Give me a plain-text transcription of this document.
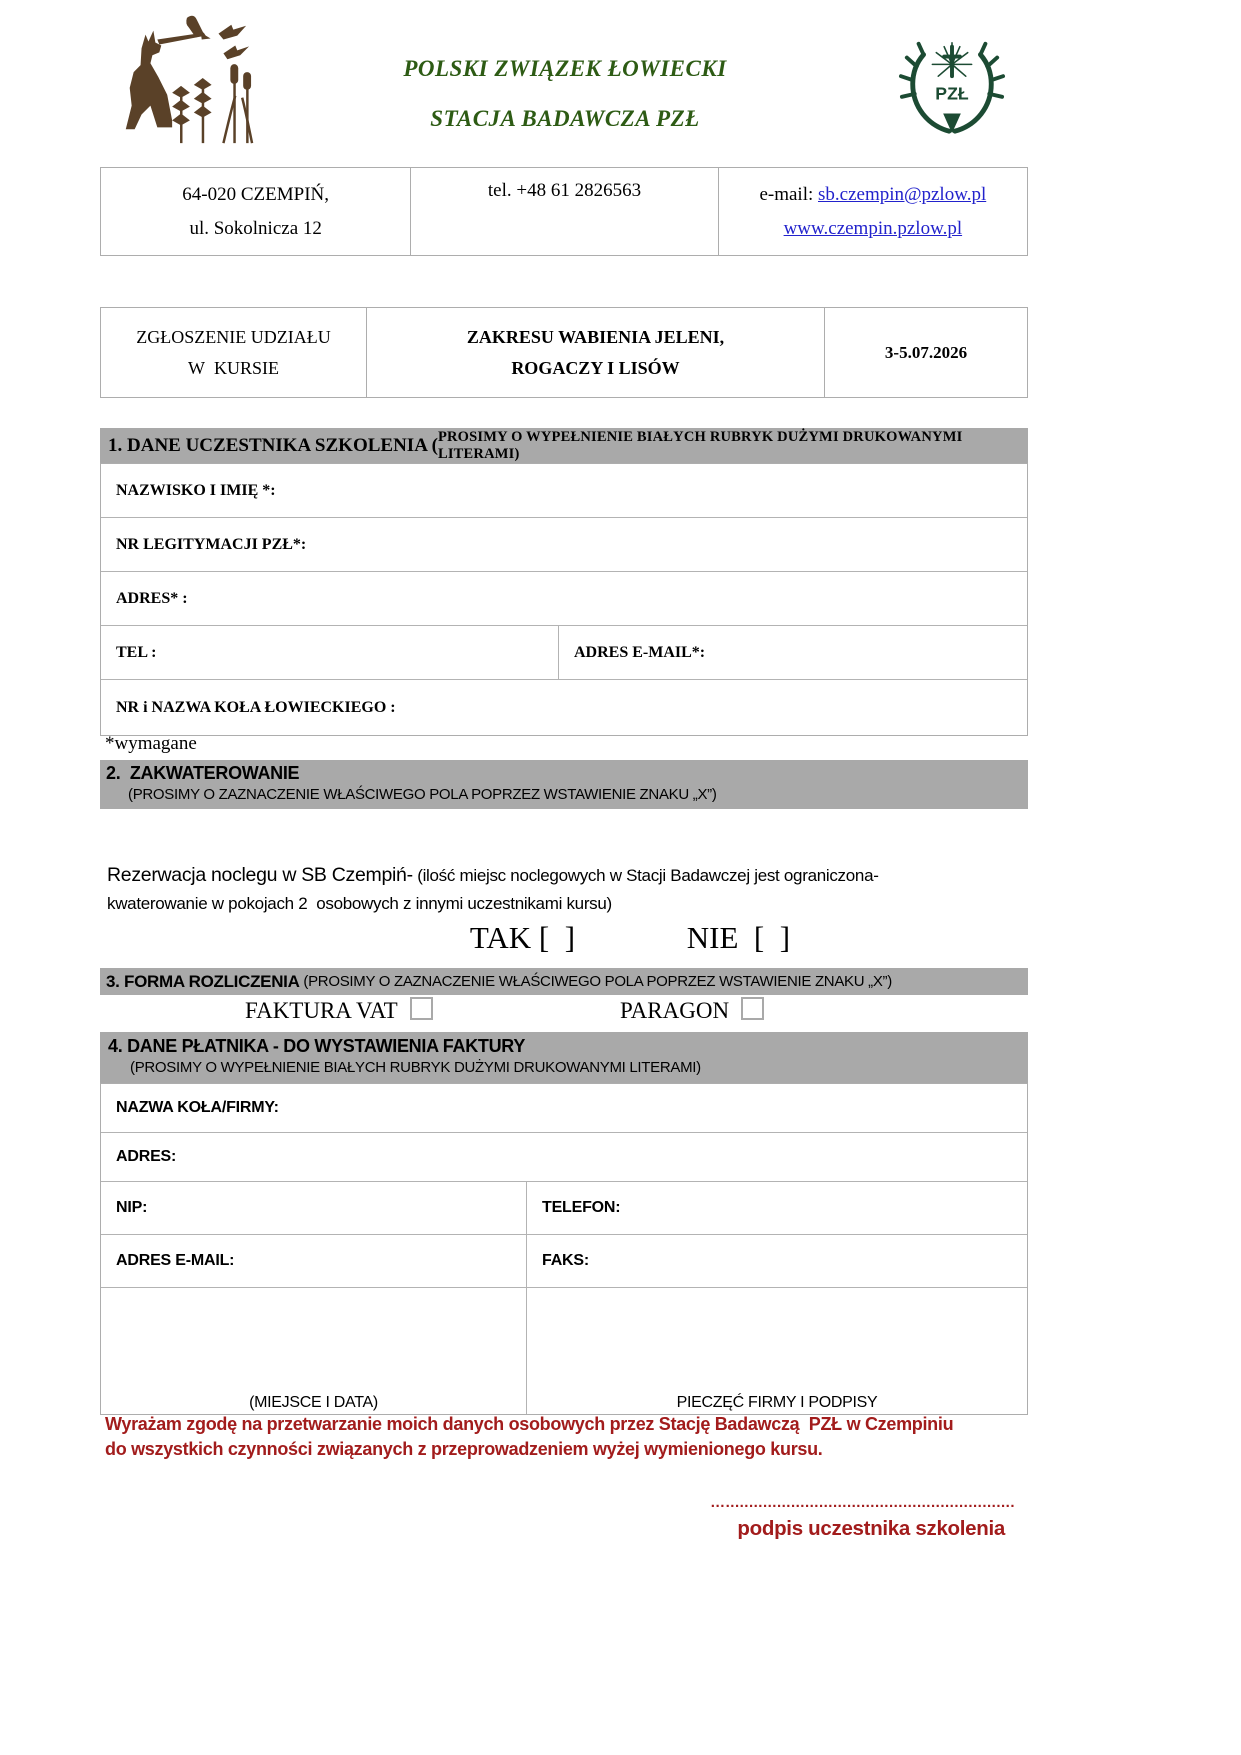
POLSKI ZWIĄZEK ŁOWIECKI
STACJA BADAWCZA PZŁ
PZŁ
64-020 CZEMPIŃ,
ul. Sokolnicza 12
tel. +48 61 2826563	e-mail: sb.czempin@pzlow.pl
www.czempin.pzlow.pl
ZGŁOSZENIE UDZIAŁU
W  KURSIE
ZAKRESU WABIENIA JELENI,
ROGACZY I LISÓW
3-5.07.2026
1. DANE UCZESTNIKA SZKOLENIA ( PROSIMY O WYPEŁNIENIE BIAŁYCH RUBRYK DUŻYMI DRUKOWANYMI LITERAMI)
NAZWISKO I IMIĘ *:
NR LEGITYMACJI PZŁ*:
ADRES* :
TEL :	ADRES E-MAIL*:
NR i NAZWA KOŁA ŁOWIECKIEGO :
*wymagane
2.  ZAKWATEROWANIE
(PROSIMY O ZAZNACZENIE WŁAŚCIWEGO POLA POPRZEZ WSTAWIENIE ZNAKU „X”)
Rezerwacja noclegu w SB Czempiń- (ilość miejsc noclegowych w Stacji Badawczej jest ograniczona-
kwaterowanie w pokojach 2  osobowych z innymi uczestnikami kursu)
TAK [  ]	NIE  [  ]
3. FORMA ROZLICZENIA (PROSIMY O ZAZNACZENIE WŁAŚCIWEGO POLA POPRZEZ WSTAWIENIE ZNAKU „X”)
FAKTURA VAT	PARAGON
4. DANE PŁATNIKA - DO WYSTAWIENIA FAKTURY
(PROSIMY O WYPEŁNIENIE BIAŁYCH RUBRYK DUŻYMI DRUKOWANYMI LITERAMI)
NAZWA KOŁA/FIRMY:
ADRES:
NIP:	TELEFON:
ADRES E-MAIL:	FAKS:
(MIEJSCE I DATA)	PIECZĘĆ FIRMY I PODPISY
Wyrażam zgodę na przetwarzanie moich danych osobowych przez Stację Badawczą  PZŁ w Czempiniu
do wszystkich czynności związanych z przeprowadzeniem wyżej wymienionego kursu.
…..............................................................
podpis uczestnika szkolenia
